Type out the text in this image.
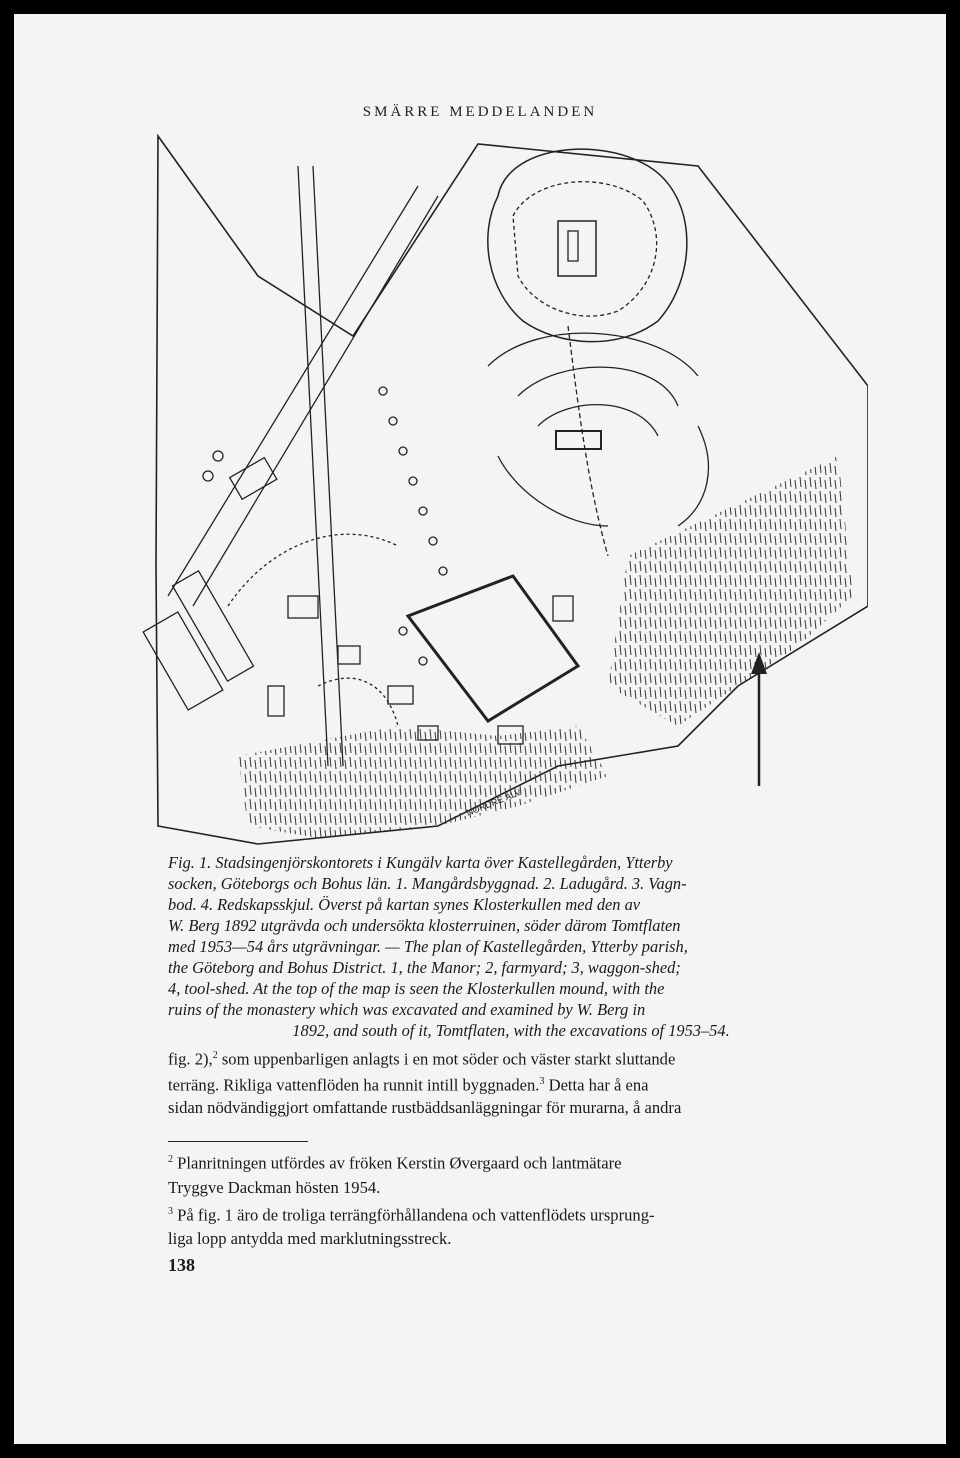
SMÄRRE MEDDELANDEN
NORDRE ÄLV

Fig. 1. Stadsingenjörskontorets i Kungälv karta över Kastellegården, Ytterby

socken, Göteborgs och Bohus län. 1. Mangårdsbyggnad. 2. Ladugård. 3. Vagn-

bod. 4. Redskapsskjul. Överst på kartan synes Klosterkullen med den av

W. Berg 1892 utgrävda och undersökta klosterruinen, söder därom Tomtflaten

med 1953—54 års utgrävningar. — The plan of Kastellegården, Ytterby parish,

the Göteborg and Bohus District. 1, the Manor; 2, farmyard; 3, waggon-shed;

4, tool-shed. At the top of the map is seen the Klosterkullen mound, with the

ruins of the monastery which was excavated and examined by W. Berg in

1892, and south of it, Tomtflaten, with the excavations of 1953–54.

fig. 2),$^2$ som uppenbarligen anlagts i en mot söder och väster starkt sluttande

terräng. Rikliga vattenflöden ha runnit intill byggnaden.$^3$ Detta har å ena

sidan nödvändiggjort omfattande rustbäddsanläggningar för murarna, å andra

$^2$ Planritningen utfördes av fröken Kerstin Øvergaard och lantmätare

Tryggve Dackman hösten 1954.

$^3$ På fig. 1 äro de troliga terrängförhållandena och vattenflödets ursprung-

liga lopp antydda med marklutningsstreck.

138
